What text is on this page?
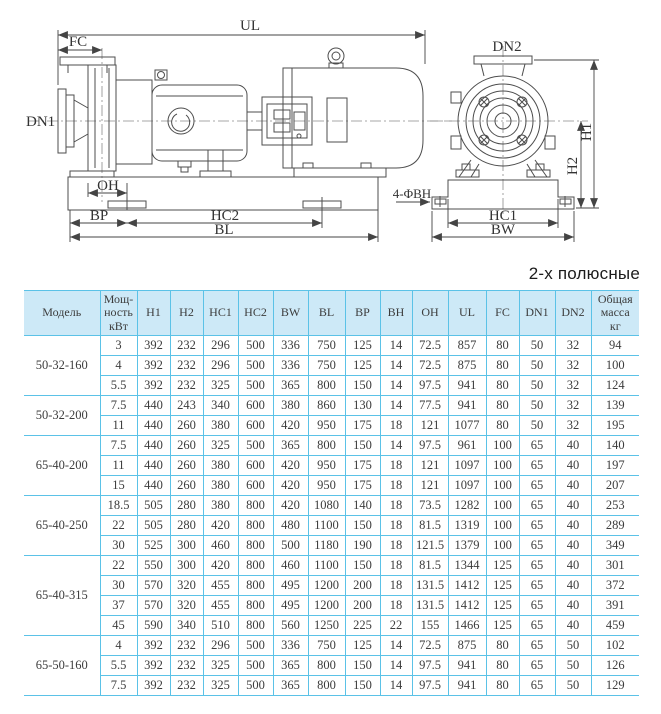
UL
FC
DN1
OH
BP	HC2
BL
DN2
4-ΦBH
HC1
BW
H1
H2
2-х полюсные
Модель	Мощ-
ность
кВт	H1	H2	HC1	HC2	BW	BL	BP	BH	OH	UL	FC	DN1	DN2	Общая
масса
кг
50-32-160	3	392	232	296	500	336	750	125	14	72.5	857	80	50	32	94
	4	392	232	296	500	336	750	125	14	72.5	875	80	50	32	100
	5.5	392	232	325	500	365	800	150	14	97.5	941	80	50	32	124
50-32-200	7.5	440	243	340	600	380	860	130	14	77.5	941	80	50	32	139
	11	440	260	380	600	420	950	175	18	121	1077	80	50	32	195
65-40-200	7.5	440	260	325	500	365	800	150	14	97.5	961	100	65	40	140
	11	440	260	380	600	420	950	175	18	121	1097	100	65	40	197
	15	440	260	380	600	420	950	175	18	121	1097	100	65	40	207
65-40-250	18.5	505	280	380	800	420	1080	140	18	73.5	1282	100	65	40	253
	22	505	280	420	800	480	1100	150	18	81.5	1319	100	65	40	289
	30	525	300	460	800	500	1180	190	18	121.5	1379	100	65	40	349
65-40-315	22	550	300	420	800	460	1100	150	18	81.5	1344	125	65	40	301
	30	570	320	455	800	495	1200	200	18	131.5	1412	125	65	40	372
	37	570	320	455	800	495	1200	200	18	131.5	1412	125	65	40	391
	45	590	340	510	800	560	1250	225	22	155	1466	125	65	40	459
65-50-160	4	392	232	296	500	336	750	125	14	72.5	875	80	65	50	102
	5.5	392	232	325	500	365	800	150	14	97.5	941	80	65	50	126
	7.5	392	232	325	500	365	800	150	14	97.5	941	80	65	50	129
